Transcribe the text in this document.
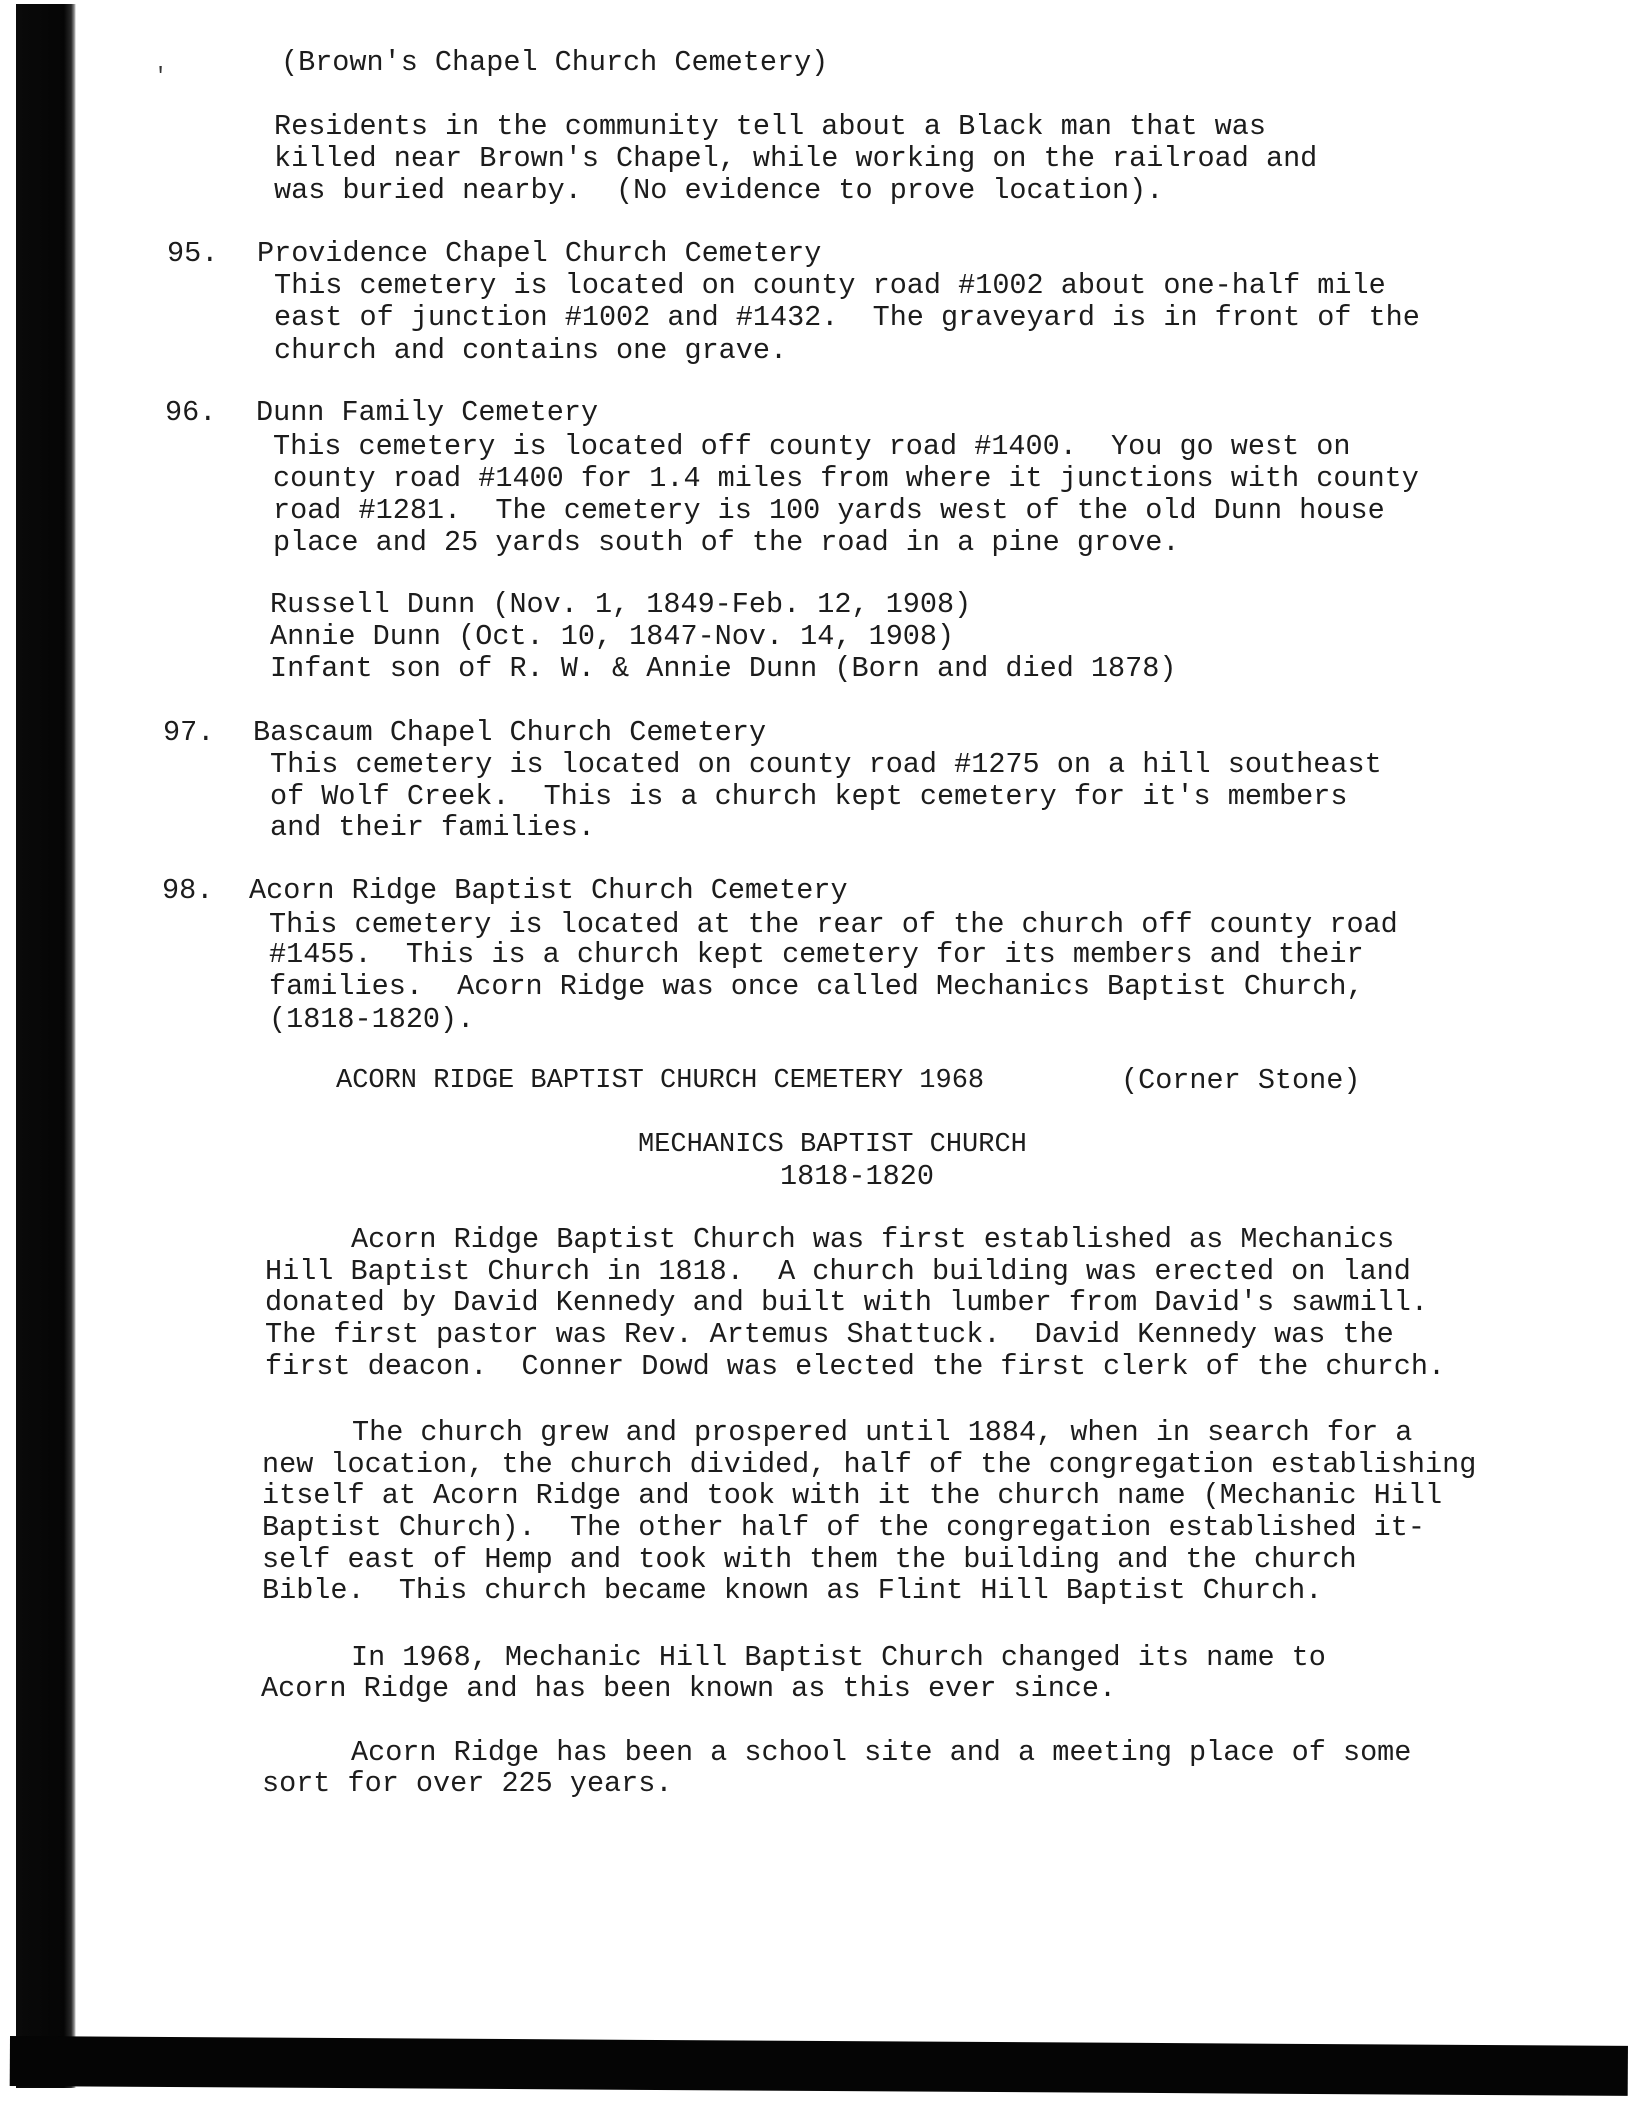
'	(Brown's Chapel Church Cemetery)
Residents in the community tell about a Black man that was
killed near Brown's Chapel, while working on the railroad and
was buried nearby.  (No evidence to prove location).
95. Providence Chapel Church Cemetery
This cemetery is located on county road #1002 about one-half mile
east of junction #1002 and #1432.  The graveyard is in front of the
church and contains one grave.
96. Dunn Family Cemetery
This cemetery is located off county road #1400.  You go west on
county road #1400 for 1.4 miles from where it junctions with county
road #1281.  The cemetery is 100 yards west of the old Dunn house
place and 25 yards south of the road in a pine grove.
Russell Dunn (Nov. 1, 1849-Feb. 12, 1908)
Annie Dunn (Oct. 10, 1847-Nov. 14, 1908)
Infant son of R. W. & Annie Dunn (Born and died 1878)
97. Bascaum Chapel Church Cemetery
This cemetery is located on county road #1275 on a hill southeast
of Wolf Creek.  This is a church kept cemetery for it's members
and their families.
98. Acorn Ridge Baptist Church Cemetery
This cemetery is located at the rear of the church off county road
#1455.  This is a church kept cemetery for its members and their
families.  Acorn Ridge was once called Mechanics Baptist Church,
(1818-1820).
ACORN RIDGE BAPTIST CHURCH CEMETERY 1968	(Corner Stone)
MECHANICS BAPTIST CHURCH
1818-1820
Acorn Ridge Baptist Church was first established as Mechanics
Hill Baptist Church in 1818.  A church building was erected on land
donated by David Kennedy and built with lumber from David's sawmill.
The first pastor was Rev. Artemus Shattuck.  David Kennedy was the
first deacon.  Conner Dowd was elected the first clerk of the church.
The church grew and prospered until 1884, when in search for a
new location, the church divided, half of the congregation establishing
itself at Acorn Ridge and took with it the church name (Mechanic Hill
Baptist Church).  The other half of the congregation established it-
self east of Hemp and took with them the building and the church
Bible.  This church became known as Flint Hill Baptist Church.
In 1968, Mechanic Hill Baptist Church changed its name to
Acorn Ridge and has been known as this ever since.
Acorn Ridge has been a school site and a meeting place of some
sort for over 225 years.
